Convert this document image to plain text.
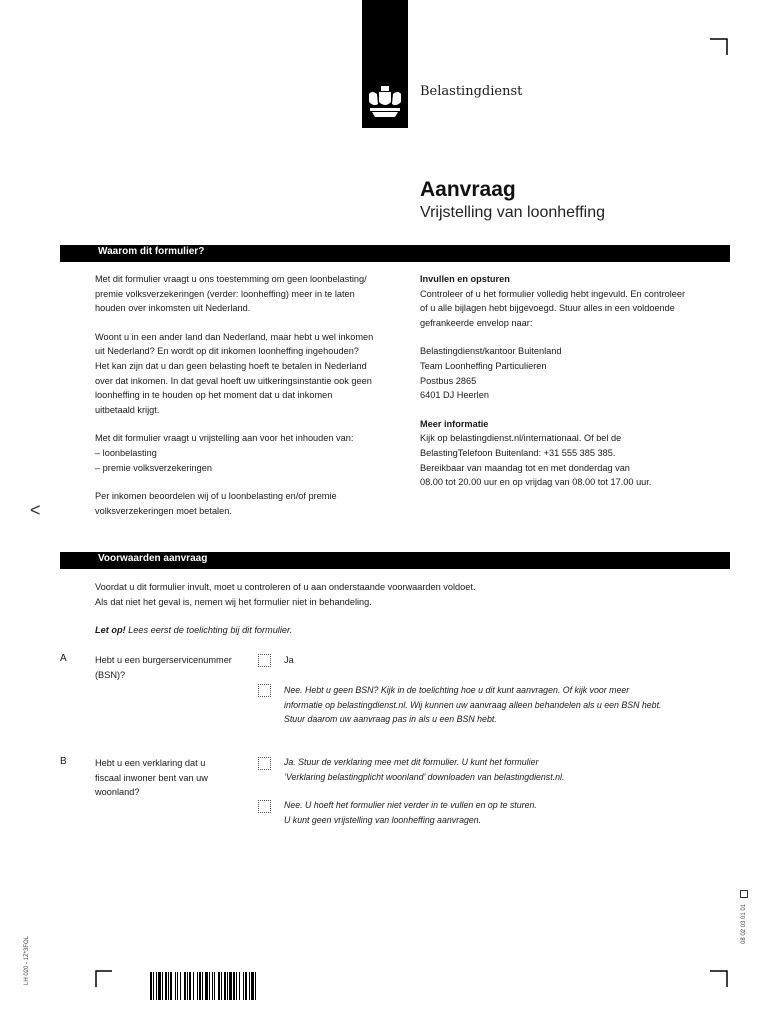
Belastingdienst
Aanvraag
Vrijstelling van loonheffing
Waarom dit formulier?

Met dit formulier vraagt u ons toestemming om geen loonbelasting/

premie volksverzekeringen (verder: loonheffing) meer in te laten

houden over inkomsten uit Nederland.

Woont u in een ander land dan Nederland, maar hebt u wel inkomen

uit Nederland? En wordt op dit inkomen loonheffing ingehouden?

Het kan zijn dat u dan geen belasting hoeft te betalen in Nederland

over dat inkomen. In dat geval hoeft uw uitkeringsinstantie ook geen

loonheffing in te houden op het moment dat u dat inkomen

uitbetaald krijgt.

Met dit formulier vraagt u vrijstelling aan voor het inhouden van:

– loonbelasting

– premie volksverzekeringen

Per inkomen beoordelen wij of u loonbelasting en/of premie

volksverzekeringen moet betalen.

Invullen en opsturen

Controleer of u het formulier volledig hebt ingevuld. En controleer

of u alle bijlagen hebt bijgevoegd. Stuur alles in een voldoende

gefrankeerde envelop naar:

Belastingdienst/kantoor Buitenland

Team Loonheffing Particulieren

Postbus 2865

6401 DJ Heerlen

Meer informatie

Kijk op belastingdienst.nl/internationaal. Of bel de

BelastingTelefoon Buitenland: +31 555 385 385.

Bereikbaar van maandag tot en met donderdag van

08.00 tot 20.00 uur en op vrijdag van 08.00 tot 17.00 uur.

<
Voorwaarden aanvraag

Voordat u dit formulier invult, moet u controleren of u aan onderstaande voorwaarden voldoet.

Als dat niet het geval is, nemen wij het formulier niet in behandeling.

Let op! Lees eerst de toelichting bij dit formulier.

A	Hebt u een burgerservicenummer

(BSN)?

Ja

Nee. Hebt u geen BSN? Kijk in de toelichting hoe u dit kunt aanvragen. Of kijk voor meer

informatie op belastingdienst.nl. Wij kunnen uw aanvraag alleen behandelen als u een BSN hebt.

Stuur daarom uw aanvraag pas in als u een BSN hebt.

B	Hebt u een verklaring dat u

fiscaal inwoner bent van uw

woonland?

Ja. Stuur de verklaring mee met dit formulier. U kunt het formulier

‘Verklaring belastingplicht woonland’ downloaden van belastingdienst.nl.

Nee. U hoeft het formulier niet verder in te vullen en op te sturen.

U kunt geen vrijstelling van loonheffing aanvragen.

LH 020 - 1Z*3FOL
08 02 03 01 01
